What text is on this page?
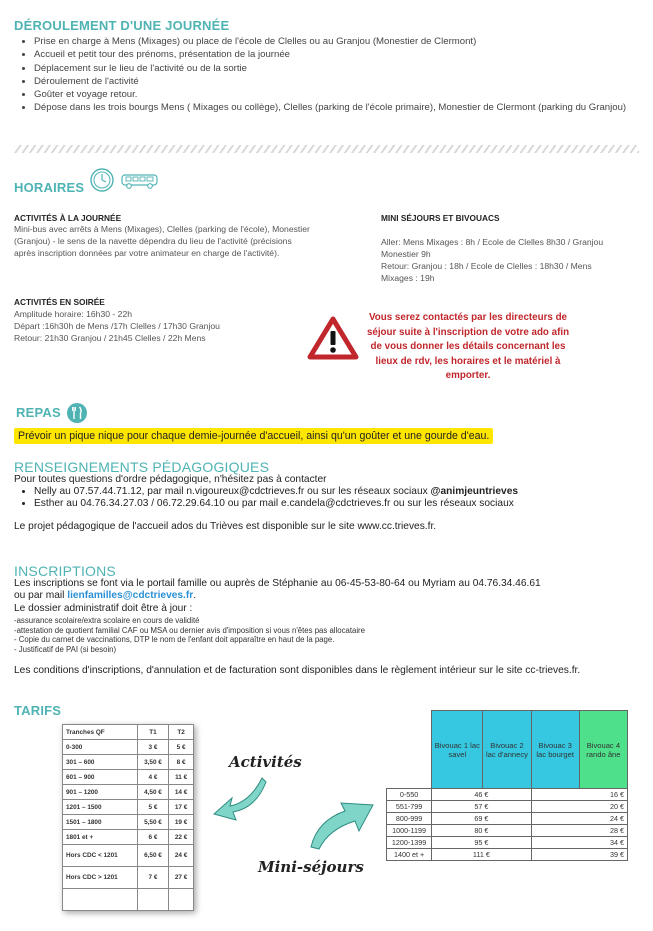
DÉROULEMENT D'UNE JOURNÉE
• Prise en charge à Mens (Mixages) ou place de l'école de Clelles ou au Granjou (Monestier de Clermont)
• Accueil et petit tour des prénoms, présentation de la journée
• Déplacement sur le lieu de l'activité ou de la sortie
• Déroulement de l'activité
• Goûter et voyage retour.
• Dépose dans les trois bourgs Mens ( Mixages ou collège), Clelles (parking de l'école primaire), Monestier de Clermont (parking du Granjou)
HORAIRES
ACTIVITÉS À LA JOURNÉE
Mini-bus avec arrêts à Mens (Mixages), Clelles (parking de l'école), Monestier (Granjou) - le sens de la navette dépendra du lieu de l'activité (précisions après inscription données par votre animateur en charge de l'activité).
ACTIVITÉS EN SOIRÉE
Amplitude horaire: 16h30 - 22h
Départ :16h30h de Mens /17h Clelles / 17h30 Granjou
Retour: 21h30 Granjou / 21h45 Clelles / 22h Mens
MINI SÉJOURS ET BIVOUACS
Aller: Mens Mixages : 8h / Ecole de Clelles 8h30 / Granjou Monestier 9h
Retour: Granjou : 18h / Ecole de Clelles : 18h30 / Mens Mixages : 19h
Vous serez contactés par les directeurs de séjour suite à l'inscription de votre ado afin de vous donner les détails concernant les lieux de rdv, les horaires et le matériel à emporter.
REPAS
Prévoir un pique nique pour chaque demie-journée d'accueil, ainsi qu'un goûter et une gourde d'eau.
RENSEIGNEMENTS PÉDAGOGIQUES
Pour toutes questions d'ordre pédagogique, n'hésitez pas à contacter
• Nelly au 07.57.44.71.12, par mail n.vigoureux@cdctrieves.fr ou sur les réseaux sociaux @animjeuntrieves
• Esther au 04.76.34.27.03 / 06.72.29.64.10 ou par mail e.candela@cdctrieves.fr ou sur les réseaux sociaux
Le projet pédagogique de l'accueil ados du Trièves est disponible sur le site www.cc.trieves.fr.
INSCRIPTIONS
Les inscriptions se font via le portail famille ou auprès de Stéphanie au 06-45-53-80-64 ou Myriam au 04.76.34.46.61
ou par mail lienfamilles@cdctrieves.fr.
Le dossier administratif doit être à jour :
-assurance scolaire/extra scolaire en cours de validité
-attestation de quotient familial CAF ou MSA ou dernier avis d'imposition si vous n'êtes pas allocataire
- Copie du carnet de vaccinations, DTP le nom de l'enfant doit apparaître en haut de la page.
- Justificatif de PAI (si besoin)
Les conditions d'inscriptions, d'annulation et de facturation sont disponibles dans le règlement intérieur sur le site cc-trieves.fr.
TARIFS
Tranches QF	T1	T2
0-300	3 €	5 €
301 – 600	3,50 €	8 €
601 – 900	4 €	11 €
901 – 1200	4,50 €	14 €
1201 – 1500	5 €	17 €
1501 – 1800	5,50 €	19 €
1801 et +	6 €	22 €
Hors CDC < 1201	6,50 €	24 €
Hors CDC > 1201	7 €	27 €

Activités
Mini-séjours
	Bivouac 1 lac savel	Bivouac 2 lac d'annecy	Bivouac 3 lac bourget	Bivouac 4 rando âne
0-550	46 €		16 €	
551-799	57 €		20 €	
800-999	69 €		24 €	
1000-1199	80 €		28 €	
1200-1399	95 €		34 €	
1400 et +	111 €		39 €	
